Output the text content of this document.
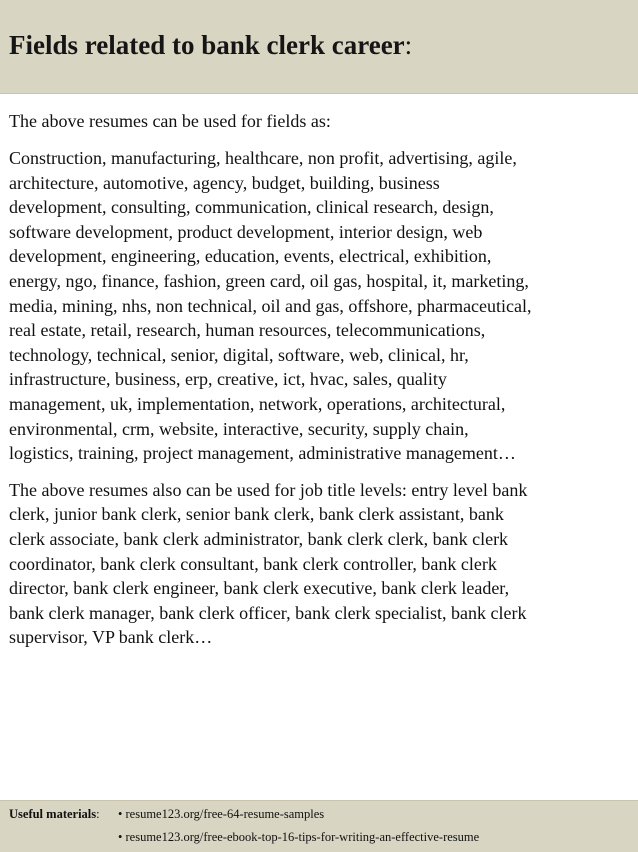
Fields related to bank clerk career:

The above resumes can be used for fields as:

Construction, manufacturing, healthcare, non profit, advertising, agile,
architecture, automotive, agency, budget, building, business
development, consulting, communication, clinical research, design,
software development, product development, interior design, web
development, engineering, education, events, electrical, exhibition,
energy, ngo, finance, fashion, green card, oil gas, hospital, it, marketing,
media, mining, nhs, non technical, oil and gas, offshore, pharmaceutical,
real estate, retail, research, human resources, telecommunications,
technology, technical, senior, digital, software, web, clinical, hr,
infrastructure, business, erp, creative, ict, hvac, sales, quality
management, uk, implementation, network, operations, architectural,
environmental, crm, website, interactive, security, supply chain,
logistics, training, project management, administrative management…
The above resumes also can be used for job title levels: entry level bank
clerk, junior bank clerk, senior bank clerk, bank clerk assistant, bank
clerk associate, bank clerk administrator, bank clerk clerk, bank clerk
coordinator, bank clerk consultant, bank clerk controller, bank clerk
director, bank clerk engineer, bank clerk executive, bank clerk leader,
bank clerk manager, bank clerk officer, bank clerk specialist, bank clerk
supervisor, VP bank clerk…
Useful materials: • resume123.org/free-64-resume-samples
• resume123.org/free-ebook-top-16-tips-for-writing-an-effective-resume
